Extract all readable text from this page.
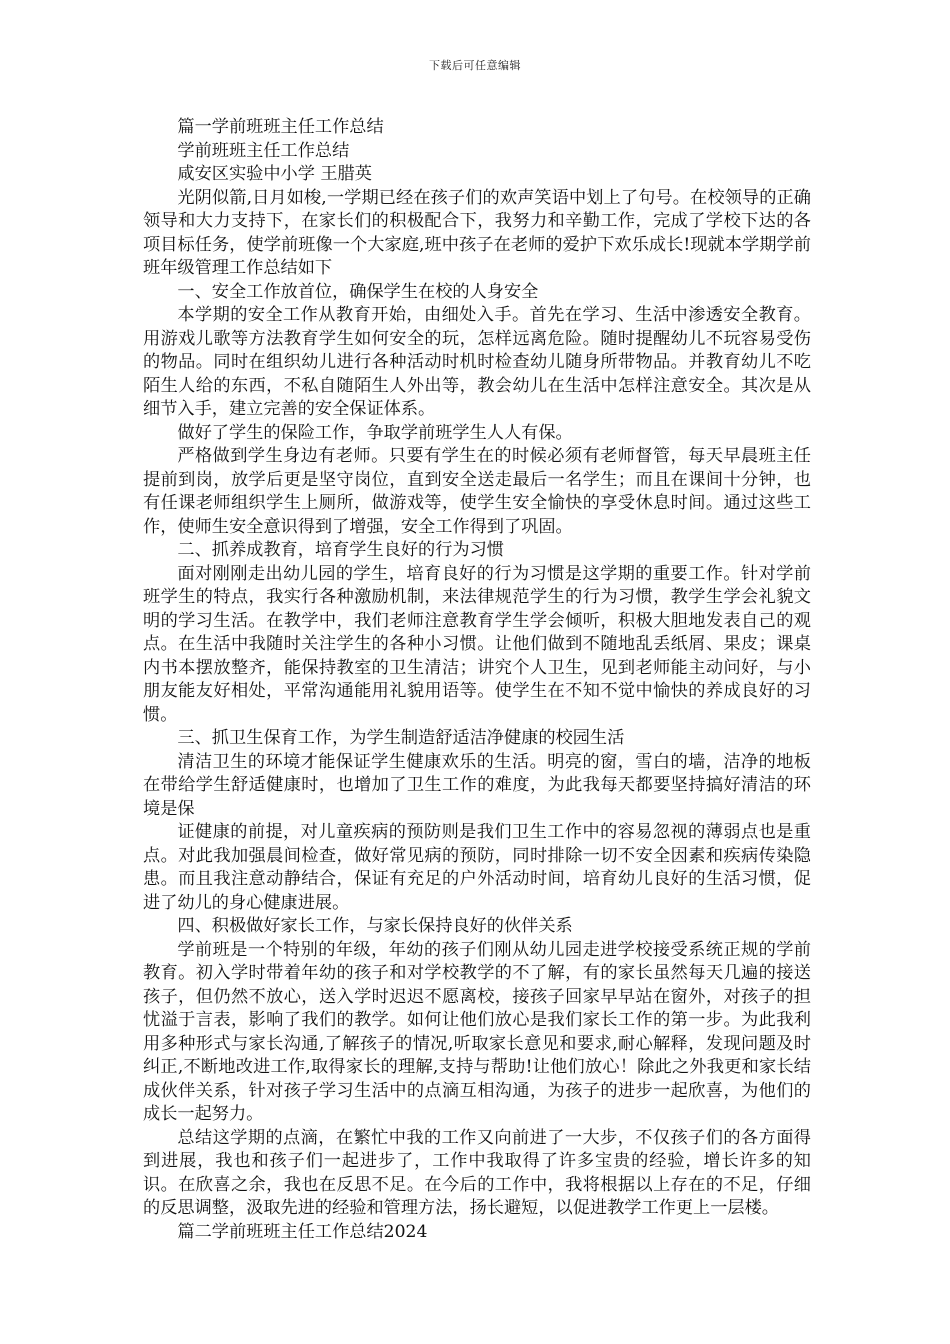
下载后可任意编辑

篇一学前班班主任工作总结

学前班班主任工作总结

咸安区实验中小学 王腊英

光阴似箭,日月如梭,一学期已经在孩子们的欢声笑语中划上了句号。在校领导的正确领导和大力支持下，在家长们的积极配合下，我努力和辛勤工作，完成了学校下达的各项目标任务，使学前班像一个大家庭,班中孩子在老师的爱护下欢乐成长!现就本学期学前班年级管理工作总结如下

一、安全工作放首位，确保学生在校的人身安全

本学期的安全工作从教育开始，由细处入手。首先在学习、生活中渗透安全教育。用游戏儿歌等方法教育学生如何安全的玩，怎样远离危险。随时提醒幼儿不玩容易受伤的物品。同时在组织幼儿进行各种活动时机时检查幼儿随身所带物品。并教育幼儿不吃陌生人给的东西，不私自随陌生人外出等，教会幼儿在生活中怎样注意安全。其次是从细节入手，建立完善的安全保证体系。

做好了学生的保险工作，争取学前班学生人人有保。

严格做到学生身边有老师。只要有学生在的时候必须有老师督管，每天早晨班主任提前到岗，放学后更是坚守岗位，直到安全送走最后一名学生；而且在课间十分钟，也有任课老师组织学生上厕所，做游戏等，使学生安全愉快的享受休息时间。通过这些工作，使师生安全意识得到了增强，安全工作得到了巩固。

二、抓养成教育，培育学生良好的行为习惯

面对刚刚走出幼儿园的学生，培育良好的行为习惯是这学期的重要工作。针对学前班学生的特点，我实行各种激励机制，来法律规范学生的行为习惯，教学生学会礼貌文明的学习生活。在教学中，我们老师注意教育学生学会倾听，积极大胆地发表自己的观点。在生活中我随时关注学生的各种小习惯。让他们做到不随地乱丢纸屑、果皮；课桌内书本摆放整齐，能保持教室的卫生清洁；讲究个人卫生，见到老师能主动问好，与小朋友能友好相处，平常沟通能用礼貌用语等。使学生在不知不觉中愉快的养成良好的习惯。

三、抓卫生保育工作，为学生制造舒适洁净健康的校园生活

清洁卫生的环境才能保证学生健康欢乐的生活。明亮的窗，雪白的墙，洁净的地板在带给学生舒适健康时，也增加了卫生工作的难度，为此我每天都要坚持搞好清洁的环境是保

证健康的前提，对儿童疾病的预防则是我们卫生工作中的容易忽视的薄弱点也是重点。对此我加强晨间检查，做好常见病的预防，同时排除一切不安全因素和疾病传染隐患。而且我注意动静结合，保证有充足的户外活动时间，培育幼儿良好的生活习惯，促进了幼儿的身心健康进展。

四、积极做好家长工作，与家长保持良好的伙伴关系

学前班是一个特别的年级，年幼的孩子们刚从幼儿园走进学校接受系统正规的学前教育。初入学时带着年幼的孩子和对学校教学的不了解，有的家长虽然每天几遍的接送孩子，但仍然不放心，送入学时迟迟不愿离校，接孩子回家早早站在窗外，对孩子的担忧溢于言表，影响了我们的教学。如何让他们放心是我们家长工作的第一步。为此我利用多种形式与家长沟通,了解孩子的情况,听取家长意见和要求,耐心解释，发现问题及时纠正,不断地改进工作,取得家长的理解,支持与帮助!让他们放心！除此之外我更和家长结成伙伴关系，针对孩子学习生活中的点滴互相沟通，为孩子的进步一起欣喜，为他们的成长一起努力。

总结这学期的点滴，在繁忙中我的工作又向前进了一大步，不仅孩子们的各方面得到进展，我也和孩子们一起进步了，工作中我取得了许多宝贵的经验，增长许多的知识。在欣喜之余，我也在反思不足。在今后的工作中，我将根据以上存在的不足，仔细的反思调整，汲取先进的经验和管理方法，扬长避短，以促进教学工作更上一层楼。

篇二学前班班主任工作总结2024
